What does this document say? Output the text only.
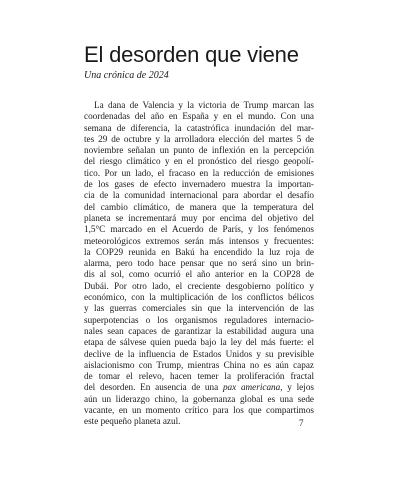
El desorden que viene

Una crónica de 2024

La dana de Valencia y la victoria de Trump marcan las
coordenadas del año en España y en el mundo. Con una
semana de diferencia, la catastrófica inundación del mar-
tes 29 de octubre y la arrolladora elección del martes 5 de
noviembre señalan un punto de inflexión en la percepción
del riesgo climático y en el pronóstico del riesgo geopolí-
tico. Por un lado, el fracaso en la reducción de emisiones
de los gases de efecto invernadero muestra la importan-
cia de la comunidad internacional para abordar el desafío
del cambio climático, de manera que la temperatura del
planeta se incrementará muy por encima del objetivo del
1,5°C marcado en el Acuerdo de París, y los fenómenos
meteorológicos extremos serán más intensos y frecuentes:
la COP29 reunida en Bakú ha encendido la luz roja de
alarma, pero todo hace pensar que no será sino un brin-
dis al sol, como ocurrió el año anterior en la COP28 de
Dubái. Por otro lado, el creciente desgobierno político y
económico, con la multiplicación de los conflictos bélicos
y las guerras comerciales sin que la intervención de las
superpotencias o los organismos reguladores internacio-
nales sean capaces de garantizar la estabilidad augura una
etapa de sálvese quien pueda bajo la ley del más fuerte: el
declive de la influencia de Estados Unidos y su previsible
aislacionismo con Trump, mientras China no es aún capaz
de tomar el relevo, hacen temer la proliferación fractal
del desorden. En ausencia de una pax americana, y lejos
aún un liderazgo chino, la gobernanza global es una sede
vacante, en un momento crítico para los que compartimos
este pequeño planeta azul.	7
